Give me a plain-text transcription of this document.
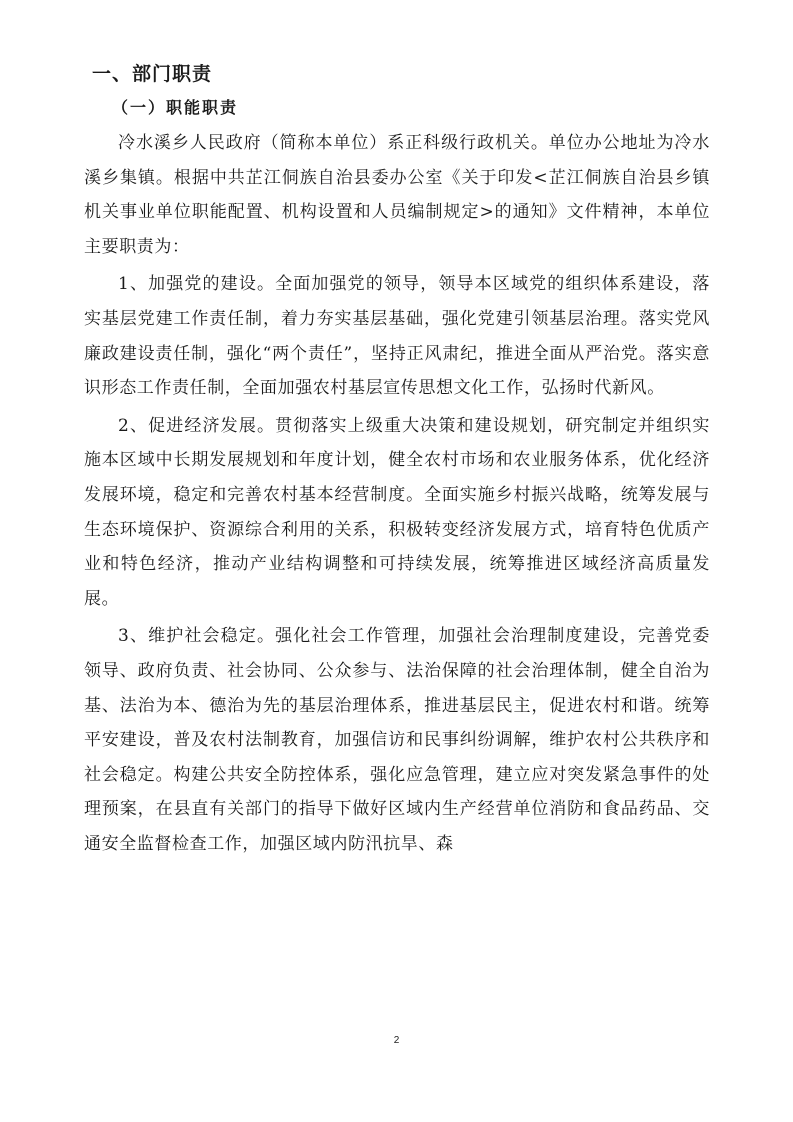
一、部门职责
（一）职能职责

冷水溪乡人民政府（简称本单位）系正科级行政机关。单位办公地址为冷水溪乡集镇。根据中共芷江侗族自治县委办公室《关于印发<芷江侗族自治县乡镇机关事业单位职能配置、机构设置和人员编制规定>的通知》文件精神，本单位主要职责为：

1、加强党的建设。全面加强党的领导，领导本区域党的组织体系建设，落实基层党建工作责任制，着力夯实基层基础，强化党建引领基层治理。落实党风廉政建设责任制，强化“两个责任”，坚持正风肃纪，推进全面从严治党。落实意识形态工作责任制，全面加强农村基层宣传思想文化工作，弘扬时代新风。

2、促进经济发展。贯彻落实上级重大决策和建设规划，研究制定并组织实施本区域中长期发展规划和年度计划，健全农村市场和农业服务体系，优化经济发展环境，稳定和完善农村基本经营制度。全面实施乡村振兴战略，统筹发展与生态环境保护、资源综合利用的关系，积极转变经济发展方式，培育特色优质产业和特色经济，推动产业结构调整和可持续发展，统筹推进区域经济高质量发展。

3、维护社会稳定。强化社会工作管理，加强社会治理制度建设，完善党委领导、政府负责、社会协同、公众参与、法治保障的社会治理体制，健全自治为基、法治为本、德治为先的基层治理体系，推进基层民主，促进农村和谐。统筹平安建设，普及农村法制教育，加强信访和民事纠纷调解，维护农村公共秩序和社会稳定。构建公共安全防控体系，强化应急管理，建立应对突发紧急事件的处理预案，在县直有关部门的指导下做好区域内生产经营单位消防和食品药品、交通安全监督检查工作，加强区域内防汛抗旱、森

2
